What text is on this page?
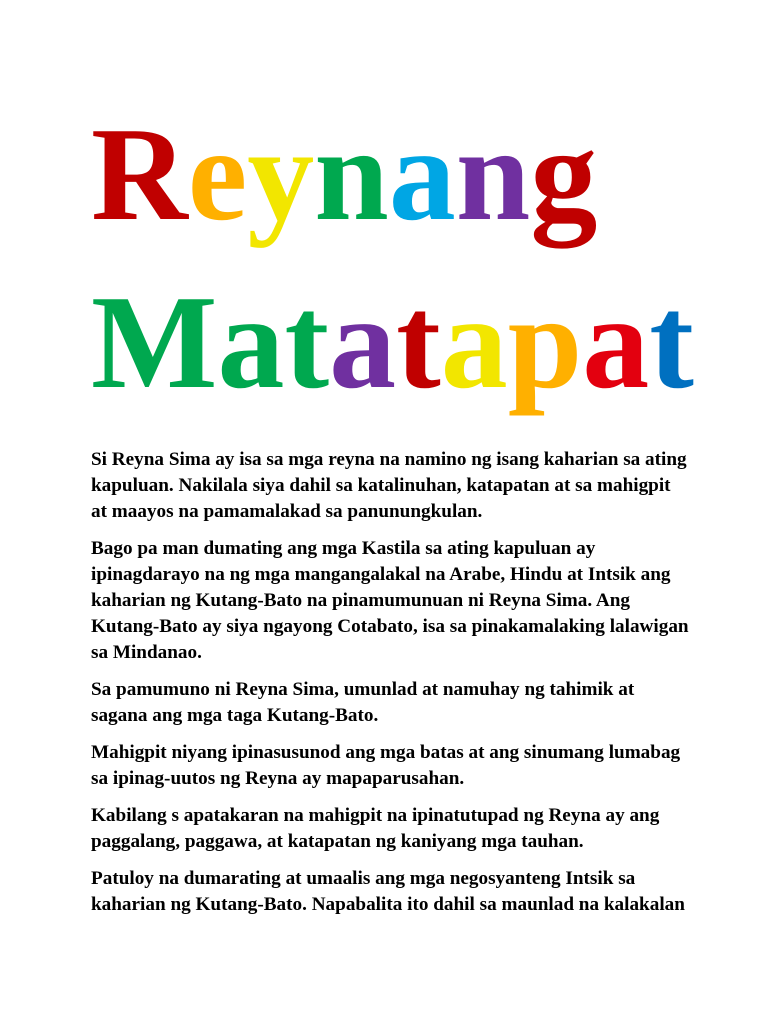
Reynang
Matatapat

Si Reyna Sima ay isa sa mga reyna na namino ng isang kaharian sa ating kapuluan. Nakilala siya dahil sa katalinuhan, katapatan at sa mahigpit at maayos na pamamalakad sa panunungkulan.

Bago pa man dumating ang mga Kastila sa ating kapuluan ay ipinagdarayo na ng mga mangangalakal na Arabe, Hindu at Intsik ang kaharian ng Kutang-Bato na pinamumunuan ni Reyna Sima. Ang Kutang-Bato ay siya ngayong Cotabato, isa sa pinakamalaking lalawigan sa Mindanao.

Sa pamumuno ni Reyna Sima, umunlad at namuhay ng tahimik at sagana ang mga taga Kutang-Bato.

Mahigpit niyang ipinasusunod ang mga batas at ang sinumang lumabag sa ipinag-uutos ng Reyna ay mapaparusahan.

Kabilang s apatakaran na mahigpit na ipinatutupad ng Reyna ay ang paggalang, paggawa, at katapatan ng kaniyang mga tauhan.

Patuloy na dumarating at umaalis ang mga negosyanteng Intsik sa kaharian ng Kutang-Bato. Napabalita ito dahil sa maunlad na kalakalan
